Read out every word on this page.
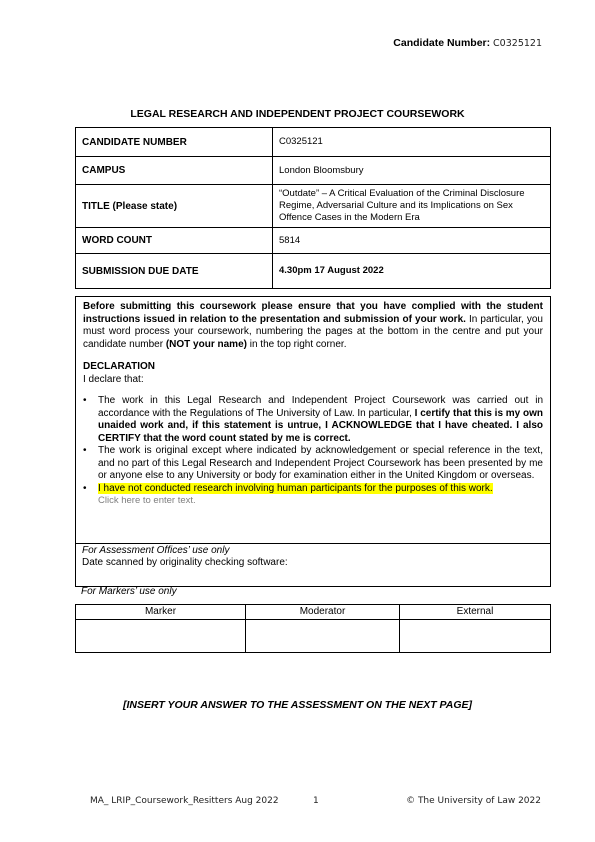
Candidate Number: C0325121
LEGAL RESEARCH AND INDEPENDENT PROJECT COURSEWORK
CANDIDATE NUMBER	C0325121
CAMPUS	London Bloomsbury
TITLE (Please state)	“Outdate” – A Critical Evaluation of the Criminal Disclosure Regime, Adversarial Culture and its Implications on Sex Offence Cases in the Modern Era
WORD COUNT	5814
SUBMISSION DUE DATE	4.30pm 17 August 2022

Before submitting this coursework please ensure that you have complied with the student instructions issued in relation to the presentation and submission of your work. In particular, you must word process your coursework, numbering the pages at the bottom in the centre and put your candidate number (NOT your name) in the top right corner.

DECLARATION

I declare that:

• The work in this Legal Research and Independent Project Coursework was carried out in accordance with the Regulations of The University of Law. In particular, I certify that this is my own unaided work and, if this statement is untrue, I ACKNOWLEDGE that I have cheated. I also CERTIFY that the word count stated by me is correct.
• The work is original except where indicated by acknowledgement or special reference in the text, and no part of this Legal Research and Independent Project Coursework has been presented by me or anyone else to any University or body for examination either in the United Kingdom or overseas.
• I have not conducted research involving human participants for the purposes of this work.
Click here to enter text.
For Assessment Offices’ use only
Date scanned by originality checking software:
For Markers’ use only
Marker	Moderator	External

[INSERT YOUR ANSWER TO THE ASSESSMENT ON THE NEXT PAGE]
MA_ LRIP_Coursework_Resitters Aug 2022	1	© The University of Law 2022
